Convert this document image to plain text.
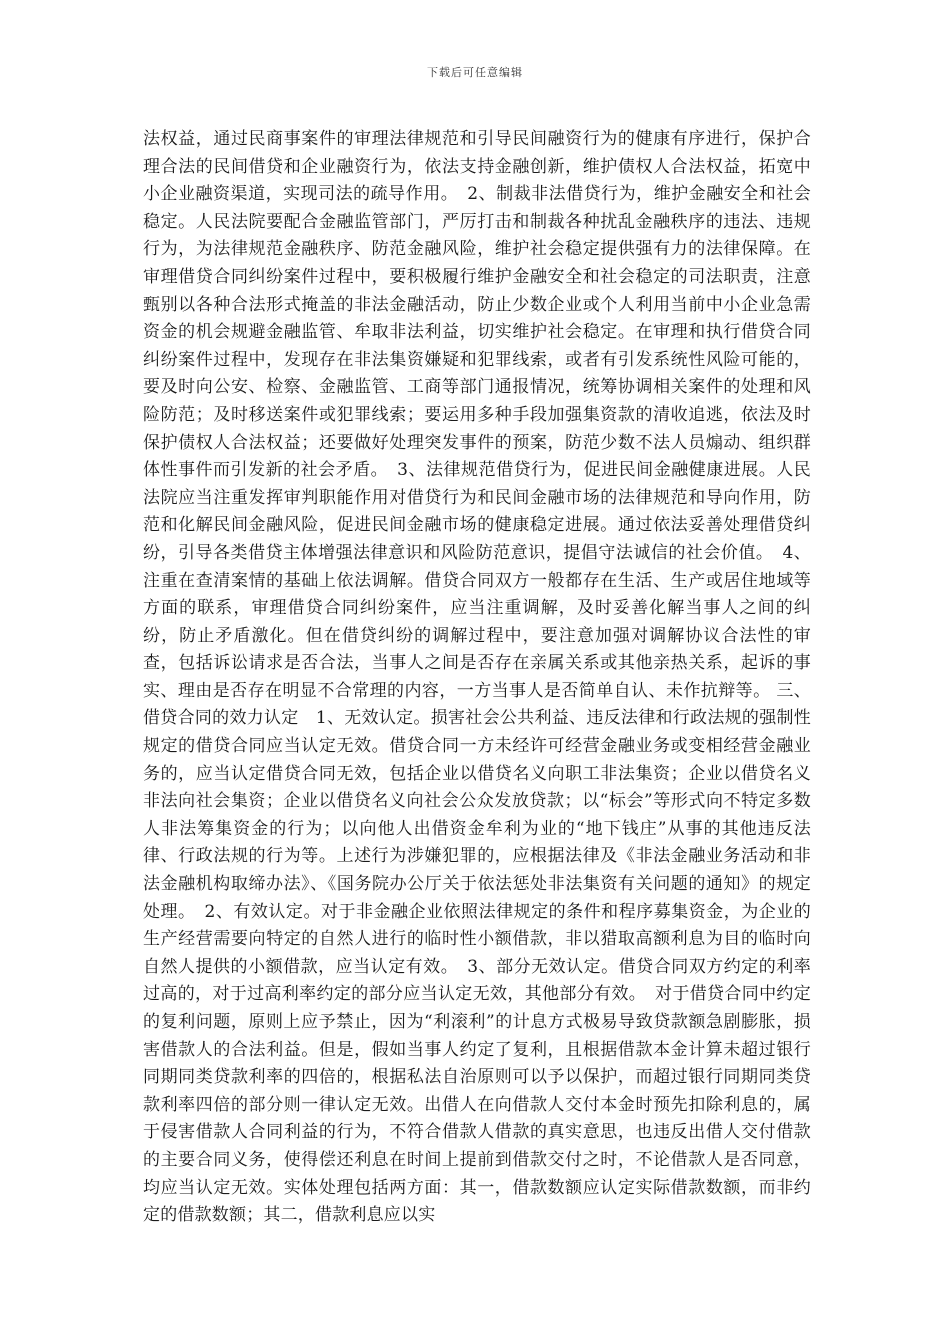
下载后可任意编辑

法权益，通过民商事案件的审理法律规范和引导民间融资行为的健康有序进行，保护合理合法的民间借贷和企业融资行为，依法支持金融创新，维护债权人合法权益，拓宽中小企业融资渠道，实现司法的疏导作用。　2、制裁非法借贷行为，维护金融安全和社会稳定。人民法院要配合金融监管部门，严厉打击和制裁各种扰乱金融秩序的违法、违规行为，为法律规范金融秩序、防范金融风险，维护社会稳定提供强有力的法律保障。在审理借贷合同纠纷案件过程中，要积极履行维护金融安全和社会稳定的司法职责，注意甄别以各种合法形式掩盖的非法金融活动，防止少数企业或个人利用当前中小企业急需资金的机会规避金融监管、牟取非法利益，切实维护社会稳定。在审理和执行借贷合同纠纷案件过程中，发现存在非法集资嫌疑和犯罪线索，或者有引发系统性风险可能的，要及时向公安、检察、金融监管、工商等部门通报情况，统筹协调相关案件的处理和风险防范；及时移送案件或犯罪线索；要运用多种手段加强集资款的清收追逃，依法及时保护债权人合法权益；还要做好处理突发事件的预案，防范少数不法人员煽动、组织群体性事件而引发新的社会矛盾。　3、法律规范借贷行为，促进民间金融健康进展。人民法院应当注重发挥审判职能作用对借贷行为和民间金融市场的法律规范和导向作用，防范和化解民间金融风险，促进民间金融市场的健康稳定进展。通过依法妥善处理借贷纠纷，引导各类借贷主体增强法律意识和风险防范意识，提倡守法诚信的社会价值。　4、注重在查清案情的基础上依法调解。借贷合同双方一般都存在生活、生产或居住地域等方面的联系，审理借贷合同纠纷案件，应当注重调解，及时妥善化解当事人之间的纠纷，防止矛盾激化。但在借贷纠纷的调解过程中，要注意加强对调解协议合法性的审查，包括诉讼请求是否合法，当事人之间是否存在亲属关系或其他亲热关系，起诉的事实、理由是否存在明显不合常理的内容，一方当事人是否简单自认、未作抗辩等。 三、借贷合同的效力认定　1、无效认定。损害社会公共利益、违反法律和行政法规的强制性规定的借贷合同应当认定无效。借贷合同一方未经许可经营金融业务或变相经营金融业务的，应当认定借贷合同无效，包括企业以借贷名义向职工非法集资；企业以借贷名义非法向社会集资；企业以借贷名义向社会公众发放贷款；以“标会”等形式向不特定多数人非法筹集资金的行为；以向他人出借资金牟利为业的“地下钱庄”从事的其他违反法律、行政法规的行为等。上述行为涉嫌犯罪的，应根据法律及《非法金融业务活动和非法金融机构取缔办法》、《国务院办公厅关于依法惩处非法集资有关问题的通知》的规定处理。　2、有效认定。对于非金融企业依照法律规定的条件和程序募集资金，为企业的生产经营需要向特定的自然人进行的临时性小额借款，非以猎取高额利息为目的临时向自然人提供的小额借款，应当认定有效。　3、部分无效认定。借贷合同双方约定的利率过高的，对于过高利率约定的部分应当认定无效，其他部分有效。　对于借贷合同中约定的复利问题，原则上应予禁止，因为“利滚利”的计息方式极易导致贷款额急剧膨胀，损害借款人的合法利益。但是，假如当事人约定了复利，且根据借款本金计算未超过银行同期同类贷款利率的四倍的，根据私法自治原则可以予以保护，而超过银行同期同类贷款利率四倍的部分则一律认定无效。出借人在向借款人交付本金时预先扣除利息的，属于侵害借款人合同利益的行为，不符合借款人借款的真实意思，也违反出借人交付借款的主要合同义务，使得偿还利息在时间上提前到借款交付之时，不论借款人是否同意，均应当认定无效。实体处理包括两方面：其一，借款数额应认定实际借款数额，而非约定的借款数额；其二，借款利息应以实
